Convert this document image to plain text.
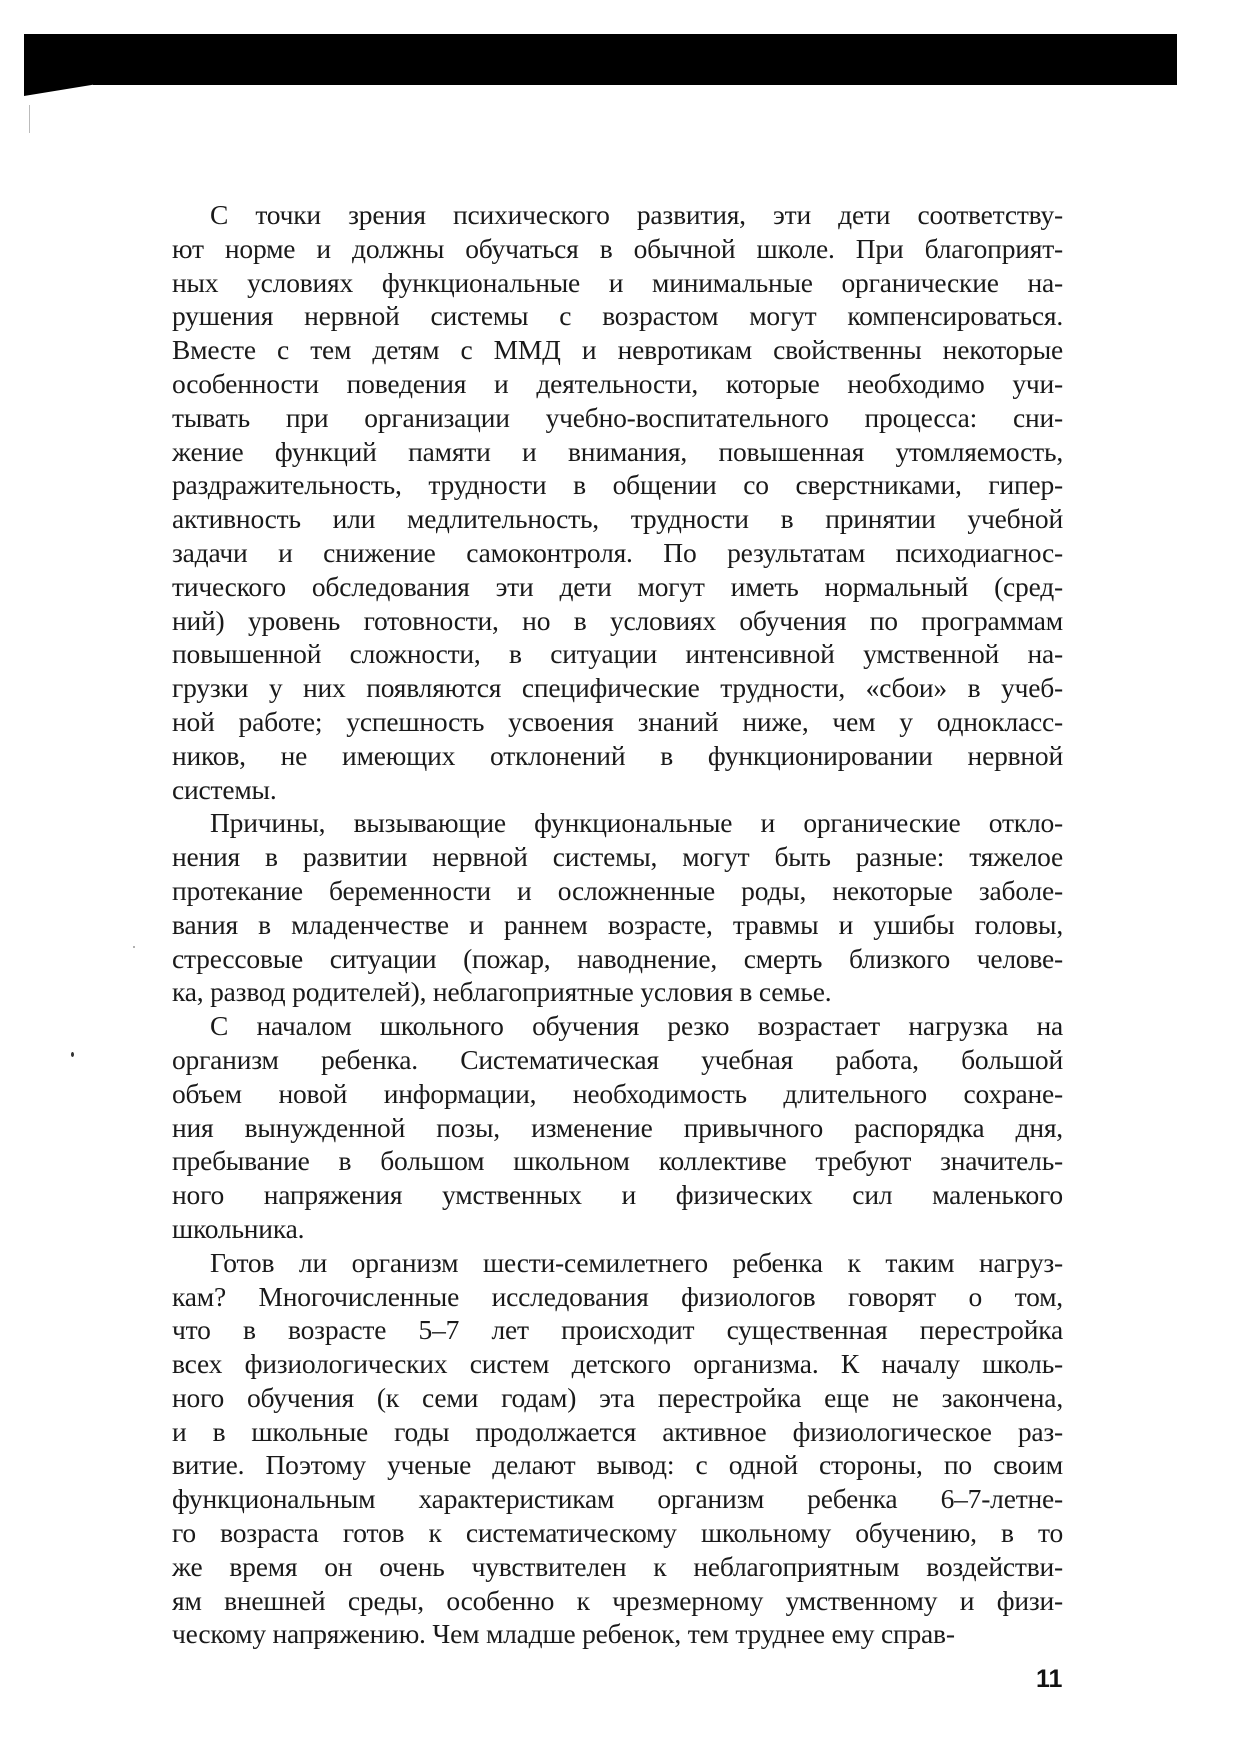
С точки зрения психического развития, эти дети соответству-
ют норме и должны обучаться в обычной школе. При благоприят-
ных условиях функциональные и минимальные органические на-
рушения нервной системы с возрастом могут компенсироваться.
Вместе с тем детям с ММД и невротикам свойственны некоторые
особенности поведения и деятельности, которые необходимо учи-
тывать при организации учебно-воспитательного процесса: сни-
жение функций памяти и внимания, повышенная утомляемость,
раздражительность, трудности в общении со сверстниками, гипер-
активность или медлительность, трудности в принятии учебной
задачи и снижение самоконтроля. По результатам психодиагнос-
тического обследования эти дети могут иметь нормальный (сред-
ний) уровень готовности, но в условиях обучения по программам
повышенной сложности, в ситуации интенсивной умственной на-
грузки у них появляются специфические трудности, «сбои» в учеб-
ной работе; успешность усвоения знаний ниже, чем у однокласс-
ников, не имеющих отклонений в функционировании нервной
системы.
Причины, вызывающие функциональные и органические откло-
нения в развитии нервной системы, могут быть разные: тяжелое
протекание беременности и осложненные роды, некоторые заболе-
вания в младенчестве и раннем возрасте, травмы и ушибы головы,
стрессовые ситуации (пожар, наводнение, смерть близкого челове-
ка, развод родителей), неблагоприятные условия в семье.
С началом школьного обучения резко возрастает нагрузка на
организм ребенка. Систематическая учебная работа, большой
объем новой информации, необходимость длительного сохране-
ния вынужденной позы, изменение привычного распорядка дня,
пребывание в большом школьном коллективе требуют значитель-
ного напряжения умственных и физических сил маленького
школьника.
Готов ли организм шести-семилетнего ребенка к таким нагруз-
кам? Многочисленные исследования физиологов говорят о том,
что в возрасте 5–7 лет происходит существенная перестройка
всех физиологических систем детского организма. К началу школь-
ного обучения (к семи годам) эта перестройка еще не закончена,
и в школьные годы продолжается активное физиологическое раз-
витие. Поэтому ученые делают вывод: с одной стороны, по своим
функциональным характеристикам организм ребенка 6–7-летне-
го возраста готов к систематическому школьному обучению, в то
же время он очень чувствителен к неблагоприятным воздействи-
ям внешней среды, особенно к чрезмерному умственному и физи-
ческому напряжению. Чем младше ребенок, тем труднее ему справ-
11
